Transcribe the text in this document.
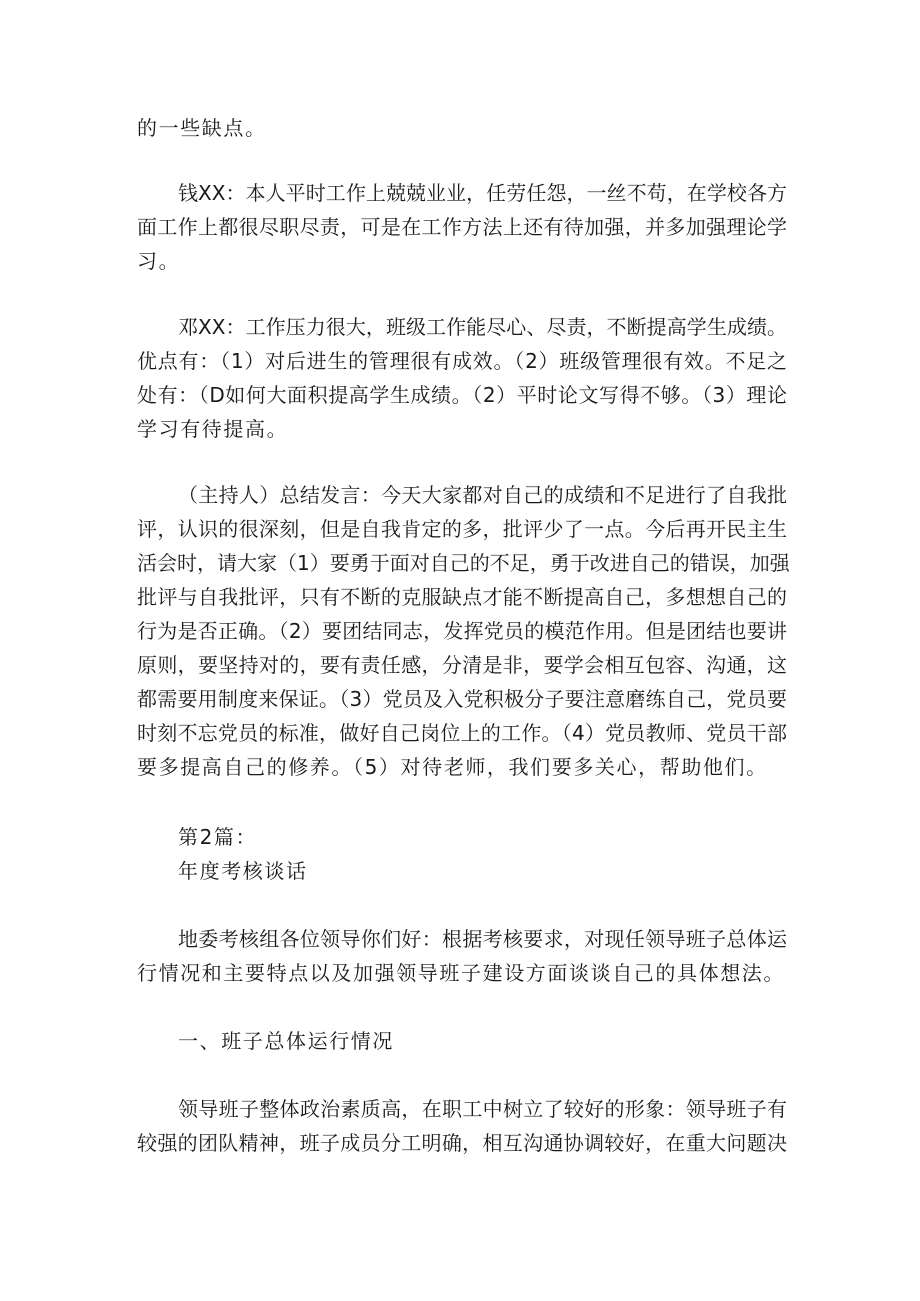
的一些缺点。
钱XX：本人平时工作上兢兢业业，任劳任怨，一丝不苟，在学校各方
面工作上都很尽职尽责，可是在工作方法上还有待加强，并多加强理论学
习。
邓XX：工作压力很大，班级工作能尽心、尽责，不断提高学生成绩。
优点有：（1）对后进生的管理很有成效。（2）班级管理很有效。不足之
处有：（D如何大面积提高学生成绩。（2）平时论文写得不够。（3）理论
学习有待提高。
（主持人）总结发言：今天大家都对自己的成绩和不足进行了自我批
评，认识的很深刻，但是自我肯定的多，批评少了一点。今后再开民主生
活会时，请大家（1）要勇于面对自己的不足，勇于改进自己的错误，加强
批评与自我批评，只有不断的克服缺点才能不断提高自己，多想想自己的
行为是否正确。（2）要团结同志，发挥党员的模范作用。但是团结也要讲
原则，要坚持对的，要有责任感，分清是非，要学会相互包容、沟通，这
都需要用制度来保证。（3）党员及入党积极分子要注意磨练自己，党员要
时刻不忘党员的标准，做好自己岗位上的工作。（4）党员教师、党员干部
要多提高自己的修养。（5）对待老师，我们要多关心，帮助他们。
第2篇：
年度考核谈话
地委考核组各位领导你们好：根据考核要求，对现任领导班子总体运
行情况和主要特点以及加强领导班子建设方面谈谈自己的具体想法。
一、班子总体运行情况
领导班子整体政治素质高，在职工中树立了较好的形象：领导班子有
较强的团队精神，班子成员分工明确，相互沟通协调较好，在重大问题决
